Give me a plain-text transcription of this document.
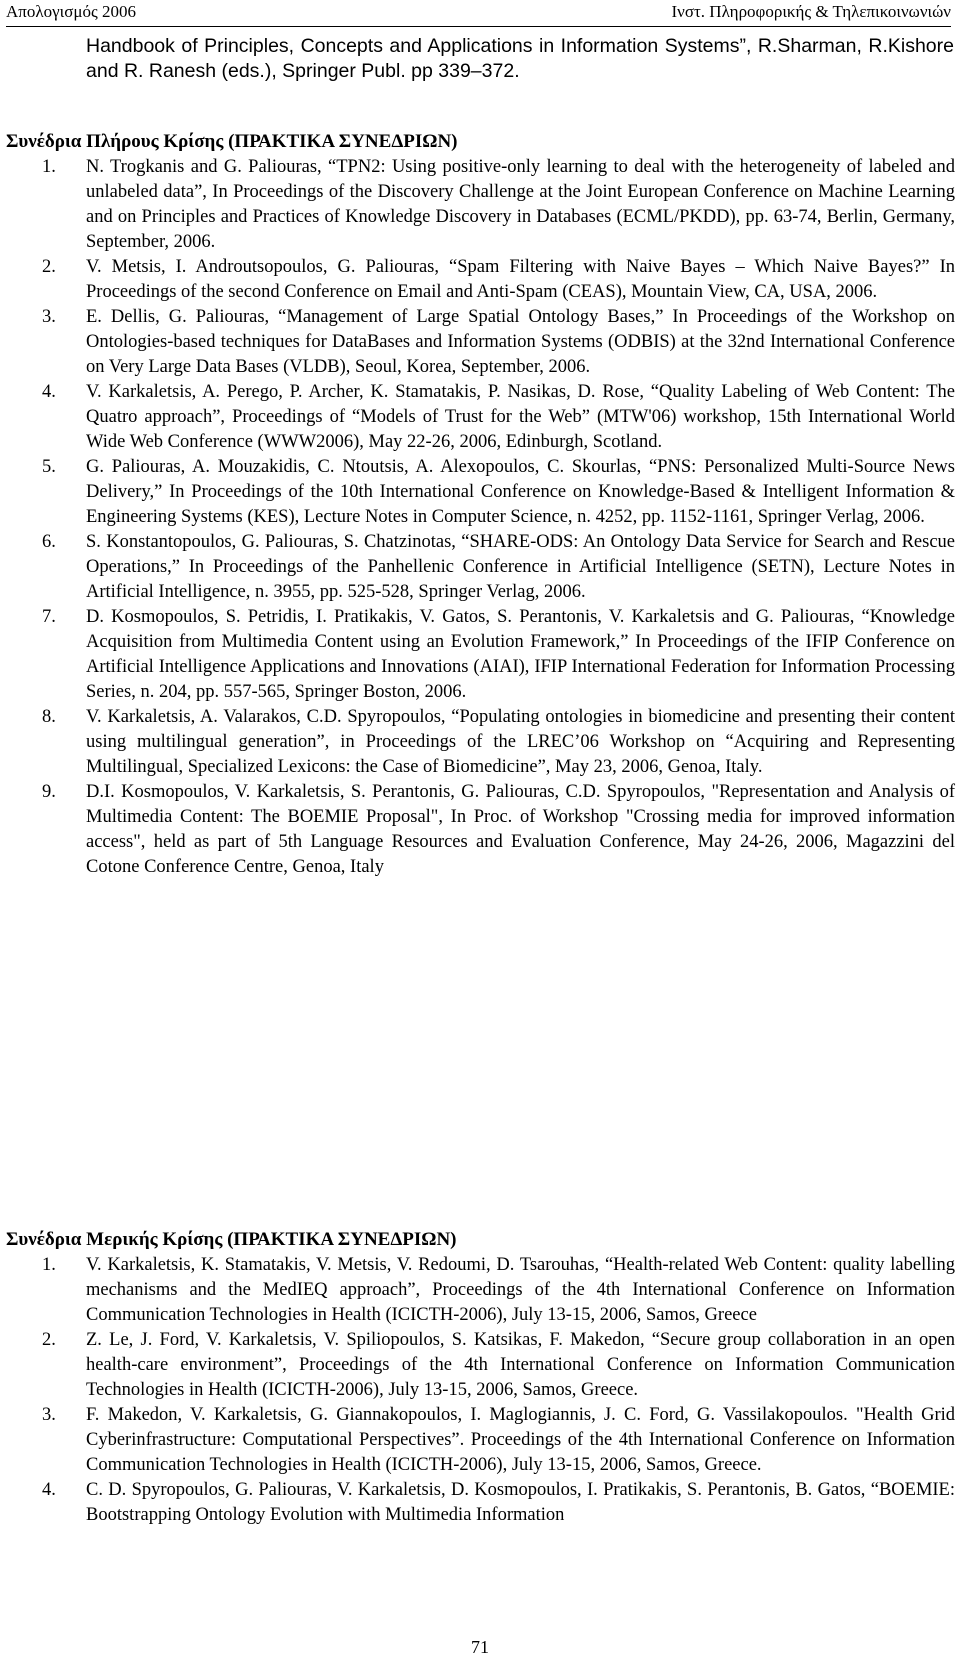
Απολογισμός 2006	Ινστ. Πληροφορικής & Τηλεπικοινωνιών

Handbook of Principles, Concepts and Applications in Information Systems”, R.Sharman, R.Kishore and R. Ranesh (eds.), Springer Publ. pp 339–372.

Συνέδρια Πλήρους Κρίσης (ΠΡΑΚΤΙΚΑ ΣΥΝΕΔΡΙΩΝ)
1. N. Trogkanis and G. Paliouras, “TPN2: Using positive-only learning to deal with the heterogeneity of labeled and unlabeled data”, In Proceedings of the Discovery Challenge at the Joint European Conference on Machine Learning and on Principles and Practices of Knowledge Discovery in Databases (ECML/PKDD), pp. 63-74, Berlin, Germany, September, 2006.
2. V. Metsis, I. Androutsopoulos, G. Paliouras, “Spam Filtering with Naive Bayes – Which Naive Bayes?” In Proceedings of the second Conference on Email and Anti-Spam (CEAS), Mountain View, CA, USA, 2006.
3. E. Dellis, G. Paliouras, “Management of Large Spatial Ontology Bases,” In Proceedings of the Workshop on Ontologies-based techniques for DataBases and Information Systems (ODBIS) at the 32nd International Conference on Very Large Data Bases (VLDB), Seoul, Korea, September, 2006.
4. V. Karkaletsis, A. Perego, P. Archer, K. Stamatakis, P. Nasikas, D. Rose, “Quality Labeling of Web Content: The Quatro approach”, Proceedings of “Models of Trust for the Web” (MTW'06) workshop, 15th International World Wide Web Conference (WWW2006), May 22-26, 2006, Edinburgh, Scotland.
5. G. Paliouras, A. Mouzakidis, C. Ntoutsis, A. Alexopoulos, C. Skourlas, “PNS: Personalized Multi-Source News Delivery,” In Proceedings of the 10th International Conference on Knowledge-Based & Intelligent Information & Engineering Systems (KES), Lecture Notes in Computer Science, n. 4252, pp. 1152-1161, Springer Verlag, 2006.
6. S. Konstantopoulos, G. Paliouras, S. Chatzinotas, “SHARE-ODS: An Ontology Data Service for Search and Rescue Operations,” In Proceedings of the Panhellenic Conference in Artificial Intelligence (SETN), Lecture Notes in Artificial Intelligence, n. 3955, pp. 525-528, Springer Verlag, 2006.
7. D. Kosmopoulos, S. Petridis, I. Pratikakis, V. Gatos, S. Perantonis, V. Karkaletsis and G. Paliouras, “Knowledge Acquisition from Multimedia Content using an Evolution Framework,” In Proceedings of the IFIP Conference on Artificial Intelligence Applications and Innovations (AIAI), IFIP International Federation for Information Processing Series, n. 204, pp. 557-565, Springer Boston, 2006.
8. V. Karkaletsis, A. Valarakos, C.D. Spyropoulos, “Populating ontologies in biomedicine and presenting their content using multilingual generation”, in Proceedings of the LREC’06 Workshop on “Acquiring and Representing Multilingual, Specialized Lexicons: the Case of Biomedicine”, May 23, 2006, Genoa, Italy.
9. D.I. Kosmopoulos, V. Karkaletsis, S. Perantonis, G. Paliouras, C.D. Spyropoulos, "Representation and Analysis of Multimedia Content: The BOEMIE Proposal", In Proc. of Workshop "Crossing media for improved information access", held as part of 5th Language Resources and Evaluation Conference, May 24-26, 2006, Magazzini del Cotone Conference Centre, Genoa, Italy
Συνέδρια Μερικής Κρίσης (ΠΡΑΚΤΙΚΑ ΣΥΝΕΔΡΙΩΝ)
1. V. Karkaletsis, K. Stamatakis, V. Metsis, V. Redoumi, D. Tsarouhas, “Health-related Web Content: quality labelling mechanisms and the MedIEQ approach”, Proceedings of the 4th International Conference on Information Communication Technologies in Health (ICICTH-2006), July 13-15, 2006, Samos, Greece
2. Z. Le, J. Ford, V. Karkaletsis, V. Spiliopoulos, S. Katsikas, F. Makedon, “Secure group collaboration in an open health-care environment”, Proceedings of the 4th International Conference on Information Communication Technologies in Health (ICICTH-2006), July 13-15, 2006, Samos, Greece.
3. F. Makedon, V. Karkaletsis, G. Giannakopoulos, I. Maglogiannis, J. C. Ford, G. Vassilakopoulos. "Health Grid Cyberinfrastructure: Computational Perspectives”. Proceedings of the 4th International Conference on Information Communication Technologies in Health (ICICTH-2006), July 13-15, 2006, Samos, Greece.
4. C. D. Spyropoulos, G. Paliouras, V. Karkaletsis, D. Kosmopoulos, I. Pratikakis, S. Perantonis, B. Gatos, “BOEMIE: Bootstrapping Ontology Evolution with Multimedia Information
71
